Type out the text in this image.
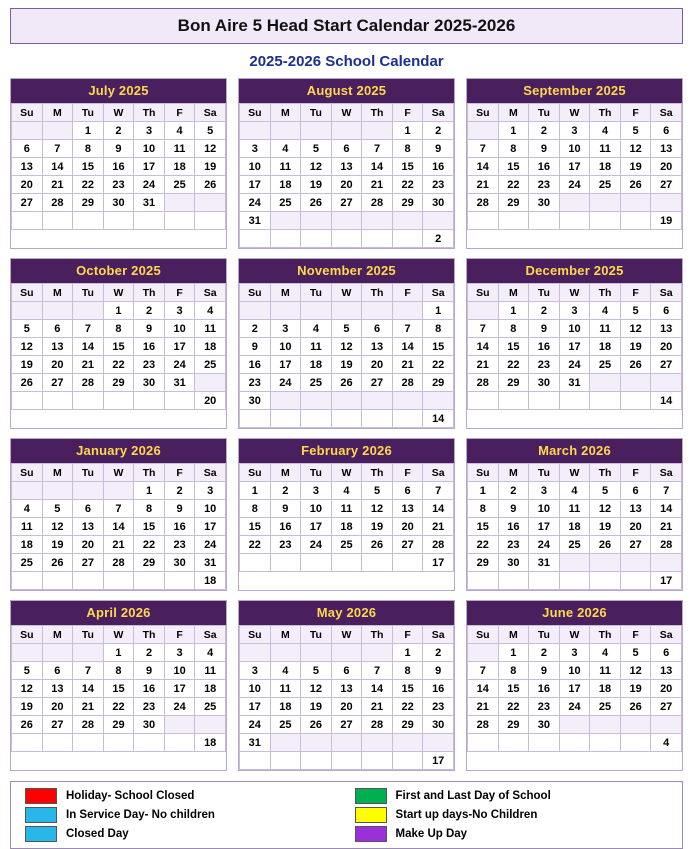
Bon Aire 5 Head Start Calendar 2025-2026
2025-2026 School Calendar
July 2025
Su	M	Tu	W	Th	F	Sa
		1	2	3	4	5
6	7	8	9	10	11	12
13	14	15	16	17	18	19
20	21	22	23	24	25	26
27	28	29	30	31		

August 2025
Su	M	Tu	W	Th	F	Sa
					1	2
3	4	5	6	7	8	9
10	11	12	13	14	15	16
17	18	19	20	21	22	23
24	25	26	27	28	29	30
31						
						2
September 2025
Su	M	Tu	W	Th	F	Sa
	1	2	3	4	5	6
7	8	9	10	11	12	13
14	15	16	17	18	19	20
21	22	23	24	25	26	27
28	29	30				
						19
October 2025
Su	M	Tu	W	Th	F	Sa
			1	2	3	4
5	6	7	8	9	10	11
12	13	14	15	16	17	18
19	20	21	22	23	24	25
26	27	28	29	30	31	
						20
November 2025
Su	M	Tu	W	Th	F	Sa
						1
2	3	4	5	6	7	8
9	10	11	12	13	14	15
16	17	18	19	20	21	22
23	24	25	26	27	28	29
30						
						14
December 2025
Su	M	Tu	W	Th	F	Sa
	1	2	3	4	5	6
7	8	9	10	11	12	13
14	15	16	17	18	19	20
21	22	23	24	25	26	27
28	29	30	31			
						14
January 2026
Su	M	Tu	W	Th	F	Sa
				1	2	3
4	5	6	7	8	9	10
11	12	13	14	15	16	17
18	19	20	21	22	23	24
25	26	27	28	29	30	31
						18
February 2026
Su	M	Tu	W	Th	F	Sa
1	2	3	4	5	6	7
8	9	10	11	12	13	14
15	16	17	18	19	20	21
22	23	24	25	26	27	28
						17
March 2026
Su	M	Tu	W	Th	F	Sa
1	2	3	4	5	6	7
8	9	10	11	12	13	14
15	16	17	18	19	20	21
22	23	24	25	26	27	28
29	30	31				
						17
April 2026
Su	M	Tu	W	Th	F	Sa
			1	2	3	4
5	6	7	8	9	10	11
12	13	14	15	16	17	18
19	20	21	22	23	24	25
26	27	28	29	30		
						18
May 2026
Su	M	Tu	W	Th	F	Sa
					1	2
3	4	5	6	7	8	9
10	11	12	13	14	15	16
17	18	19	20	21	22	23
24	25	26	27	28	29	30
31						
						17
June 2026
Su	M	Tu	W	Th	F	Sa
	1	2	3	4	5	6
7	8	9	10	11	12	13
14	15	16	17	18	19	20
21	22	23	24	25	26	27
28	29	30				
						4
Holiday- School Closed
In Service Day- No children
Closed Day
First and Last Day of School
Start up days-No Children
Make Up Day
